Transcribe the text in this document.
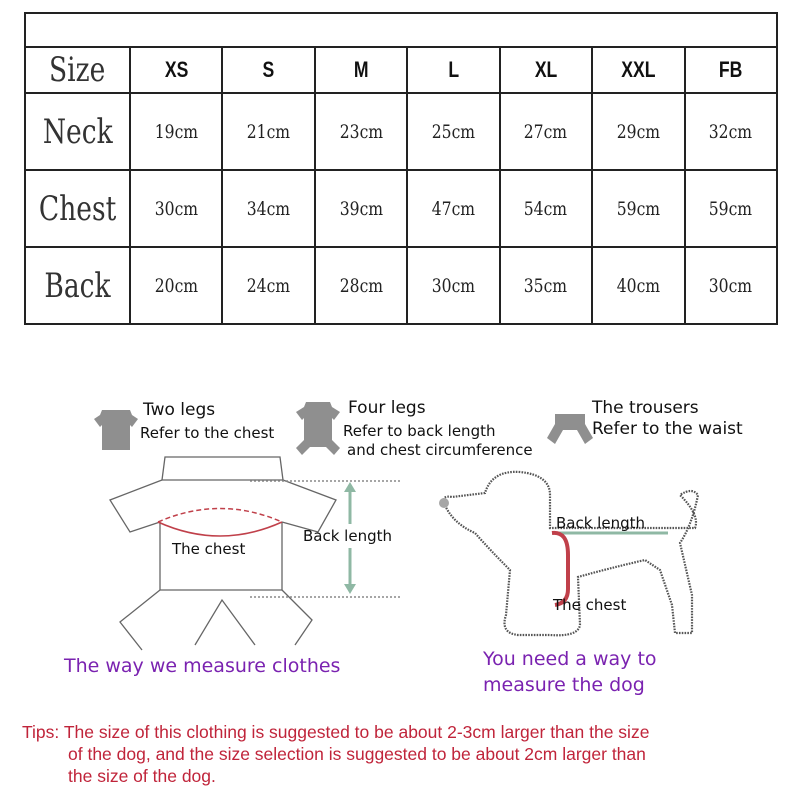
Size	XS	S	M	L	XL	XXL	FB
Neck	19cm	21cm	23cm	25cm	27cm	29cm	32cm
Chest	30cm	34cm	39cm	47cm	54cm	59cm	59cm
Back	20cm	24cm	28cm	30cm	35cm	40cm	30cm
Two legs
Refer to the chest
Four legs
Refer to back length
and chest circumference
The trousers
Refer to the waist
The chest
Back length
The way we measure clothes
Back length
The chest
You need a way to
measure the dog
Tips: The size of this clothing is suggested to be about 2-3cm larger than the size
of the dog, and the size selection is suggested to be about 2cm larger than
the size of the dog.
